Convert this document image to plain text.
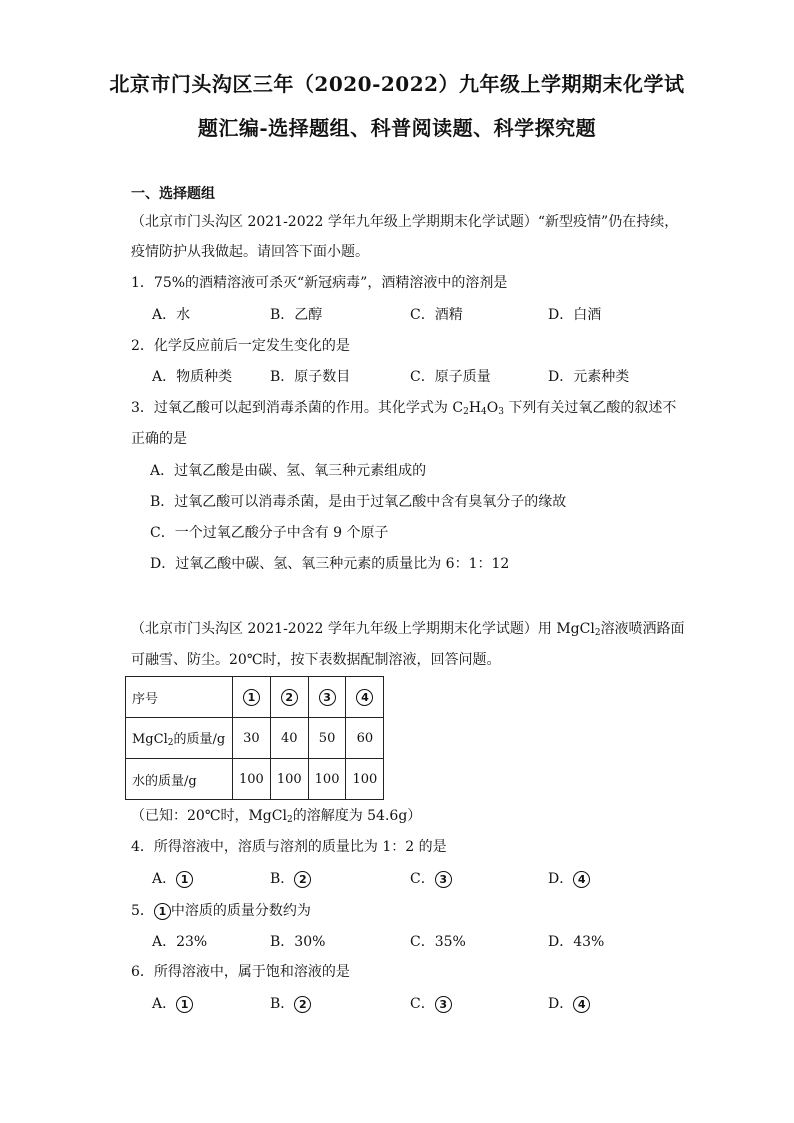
北京市门头沟区三年（2020-2022）九年级上学期期末化学试
题汇编-选择题组、科普阅读题、科学探究题
一、选择题组
（北京市门头沟区 2021-2022 学年九年级上学期期末化学试题）“新型疫情”仍在持续，
疫情防护从我做起。请回答下面小题。
1．75%的酒精溶液可杀灭“新冠病毒”，酒精溶液中的溶剂是
A．水	B．乙醇	C．酒精	D．白酒
2．化学反应前后一定发生变化的是
A．物质种类	B．原子数目	C．原子质量	D．元素种类
3．过氧乙酸可以起到消毒杀菌的作用。其化学式为 $C_2H_4O_3$ 下列有关过氧乙酸的叙述不
正确的是
A．过氧乙酸是由碳、氢、氧三种元素组成的
B．过氧乙酸可以消毒杀菌，是由于过氧乙酸中含有臭氧分子的缘故
C．一个过氧乙酸分子中含有 9 个原子
D．过氧乙酸中碳、氢、氧三种元素的质量比为 6：1：12
（北京市门头沟区 2021-2022 学年九年级上学期期末化学试题）用 MgCl$_2$溶液喷洒路面
可融雪、防尘。20℃时，按下表数据配制溶液，回答问题。
序号	1	2	3	4
MgCl$_2$的质量/g	30	40	50	60
水的质量/g	100	100	100	100
（已知：20℃时，MgCl$_2$的溶解度为 54.6g）
4．所得溶液中，溶质与溶剂的质量比为 1：2 的是
A． 1	B． 2	C． 3	D． 4
5． 1 中溶质的质量分数约为
A．23%	B．30%	C．35%	D．43%
6．所得溶液中，属于饱和溶液的是
A． 1	B． 2	C． 3	D． 4
